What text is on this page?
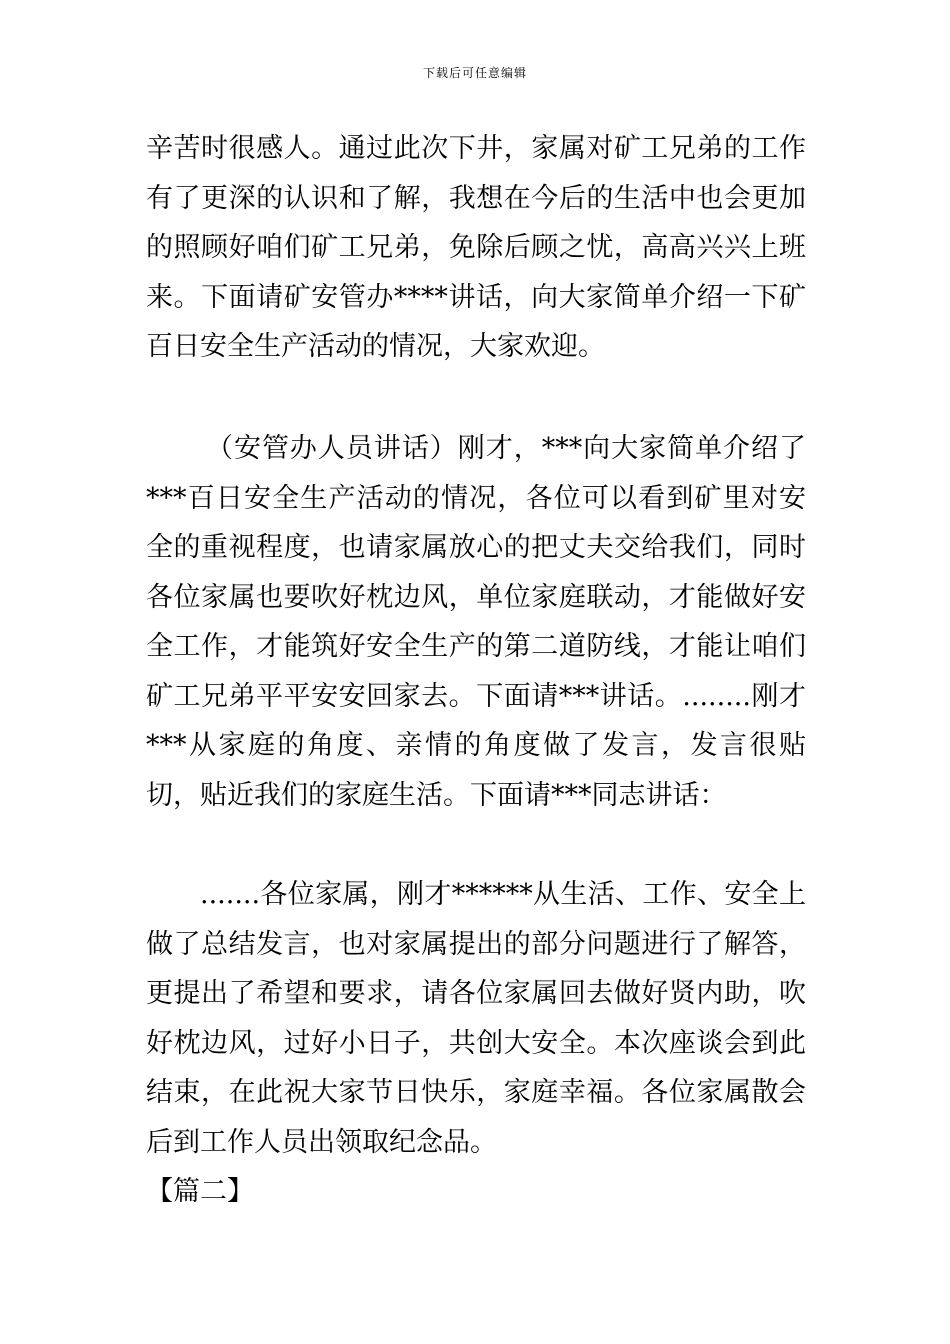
下载后可任意编辑

辛苦时很感人。通过此次下井，家属对矿工兄弟的工作有了更深的认识和了解，我想在今后的生活中也会更加的照顾好咱们矿工兄弟，免除后顾之忧，高高兴兴上班来。下面请矿安管办****讲话，向大家简单介绍一下矿百日安全生产活动的情况，大家欢迎。

（安管办人员讲话）刚才，***向大家简单介绍了***百日安全生产活动的情况，各位可以看到矿里对安全的重视程度，也请家属放心的把丈夫交给我们，同时各位家属也要吹好枕边风，单位家庭联动，才能做好安全工作，才能筑好安全生产的第二道防线，才能让咱们矿工兄弟平平安安回家去。下面请***讲话。........刚才***从家庭的角度、亲情的角度做了发言，发言很贴切，贴近我们的家庭生活。下面请***同志讲话：

.......各位家属，刚才******从生活、工作、安全上做了总结发言，也对家属提出的部分问题进行了解答，更提出了希望和要求，请各位家属回去做好贤内助，吹好枕边风，过好小日子，共创大安全。本次座谈会到此结束，在此祝大家节日快乐，家庭幸福。各位家属散会后到工作人员出领取纪念品。

【篇二】
